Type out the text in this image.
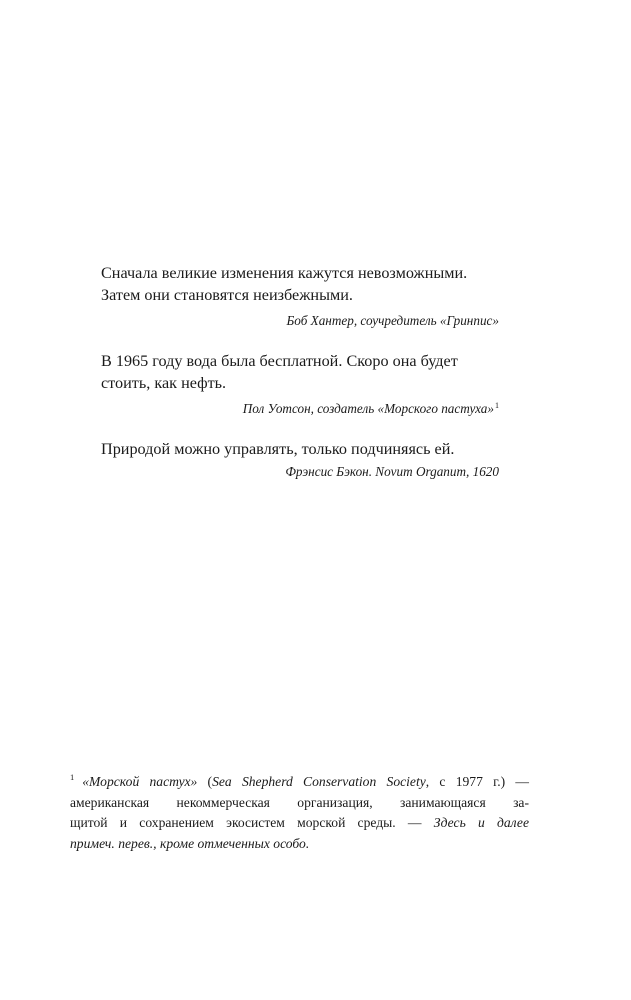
Сначала великие изменения кажутся невозможными.
Затем они становятся неизбежными.

Боб Хантер, соучредитель «Гринпис»

В 1965 году вода была бесплатной. Скоро она будет
стоить, как нефть.

Пол Уотсон, создатель «Морского пастуха»$^1$

Природой можно управлять, только подчиняясь ей.

Фрэнсис Бэкон. Novum Organum, 1620
$^1$ «Морской пастух» (Sea Shepherd Conservation Society, с 1977 г.) —
американская некоммерческая организация, занимающаяся за-
щитой и сохранением экосистем морской среды. — Здесь и далее
примеч. перев., кроме отмеченных особо.
